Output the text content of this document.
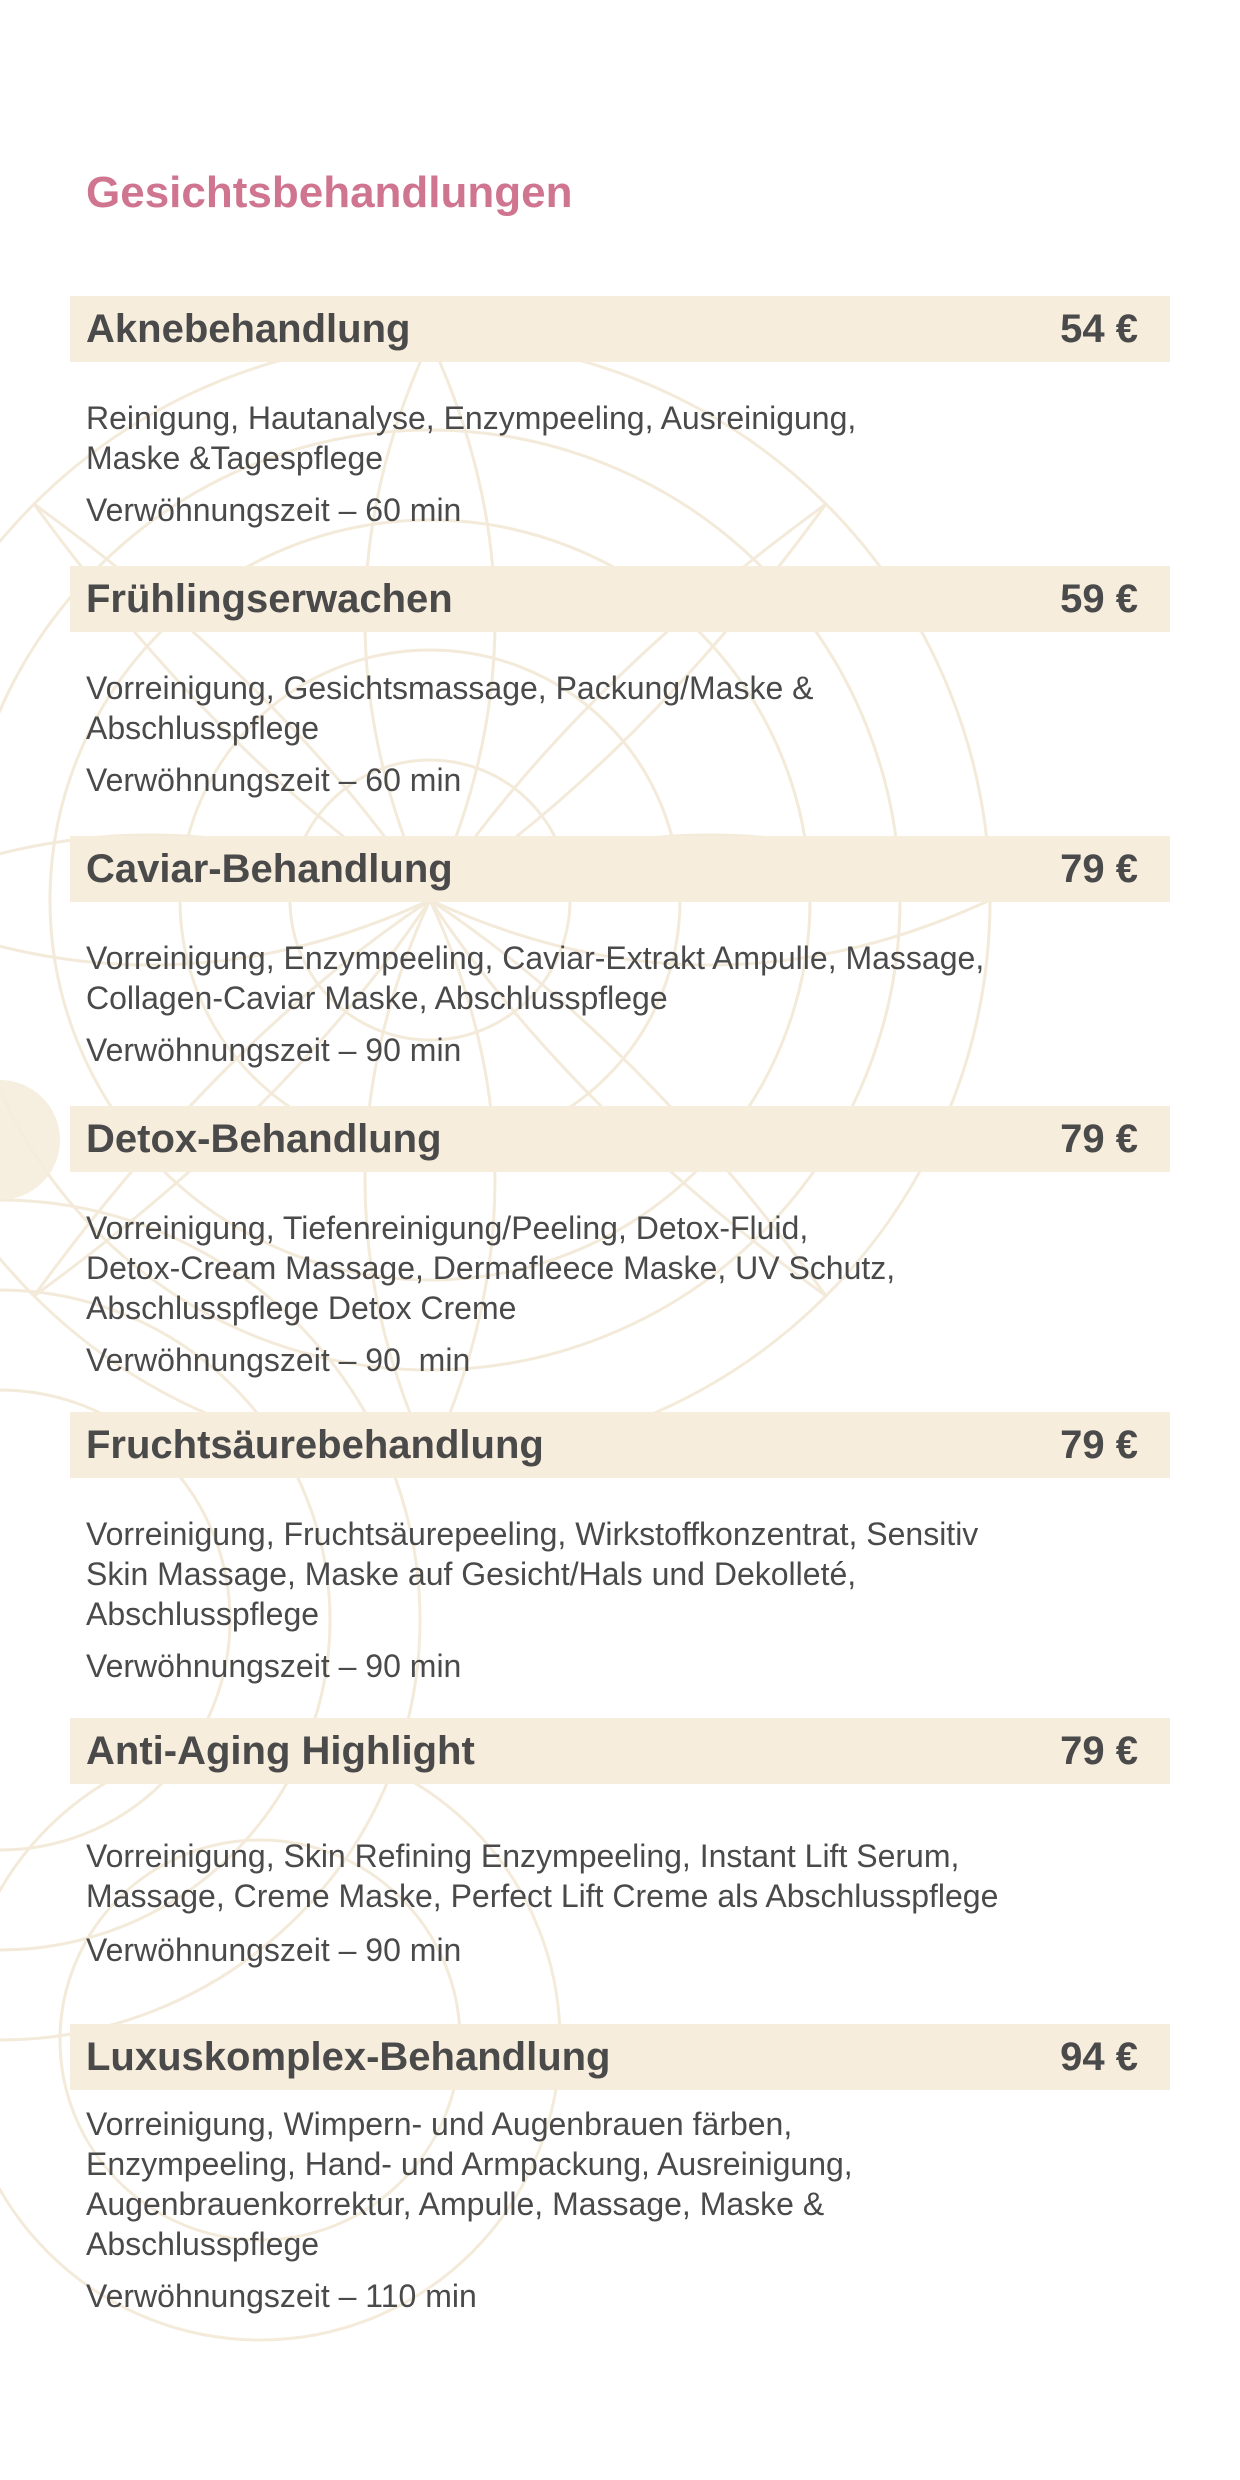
Gesichtsbehandlungen
Aknebehandlung	54 €
Reinigung, Hautanalyse, Enzympeeling, Ausreinigung,
Maske &Tagespflege
Verwöhnungszeit – 60 min
Frühlingserwachen	59 €
Vorreinigung, Gesichtsmassage, Packung/Maske &
Abschlusspflege
Verwöhnungszeit – 60 min
Caviar-Behandlung	79 €
Vorreinigung, Enzympeeling, Caviar-Extrakt Ampulle, Massage,
Collagen-Caviar Maske, Abschlusspflege
Verwöhnungszeit – 90 min
Detox-Behandlung	79 €
Vorreinigung, Tiefenreinigung/Peeling, Detox-Fluid,
Detox-Cream Massage, Dermafleece Maske, UV Schutz,
Abschlusspflege Detox Creme
Verwöhnungszeit – 90  min
Fruchtsäurebehandlung	79 €
Vorreinigung, Fruchtsäurepeeling, Wirkstoffkonzentrat, Sensitiv
Skin Massage, Maske auf Gesicht/Hals und Dekolleté,
Abschlusspflege
Verwöhnungszeit – 90 min
Anti-Aging Highlight	79 €
Vorreinigung, Skin Refining Enzympeeling, Instant Lift Serum,
Massage, Creme Maske, Perfect Lift Creme als Abschlusspflege
Verwöhnungszeit – 90 min
Luxuskomplex-Behandlung	94 €
Vorreinigung, Wimpern- und Augenbrauen färben,
Enzympeeling, Hand- und Armpackung, Ausreinigung,
Augenbrauenkorrektur, Ampulle, Massage, Maske &
Abschlusspflege
Verwöhnungszeit – 110 min
